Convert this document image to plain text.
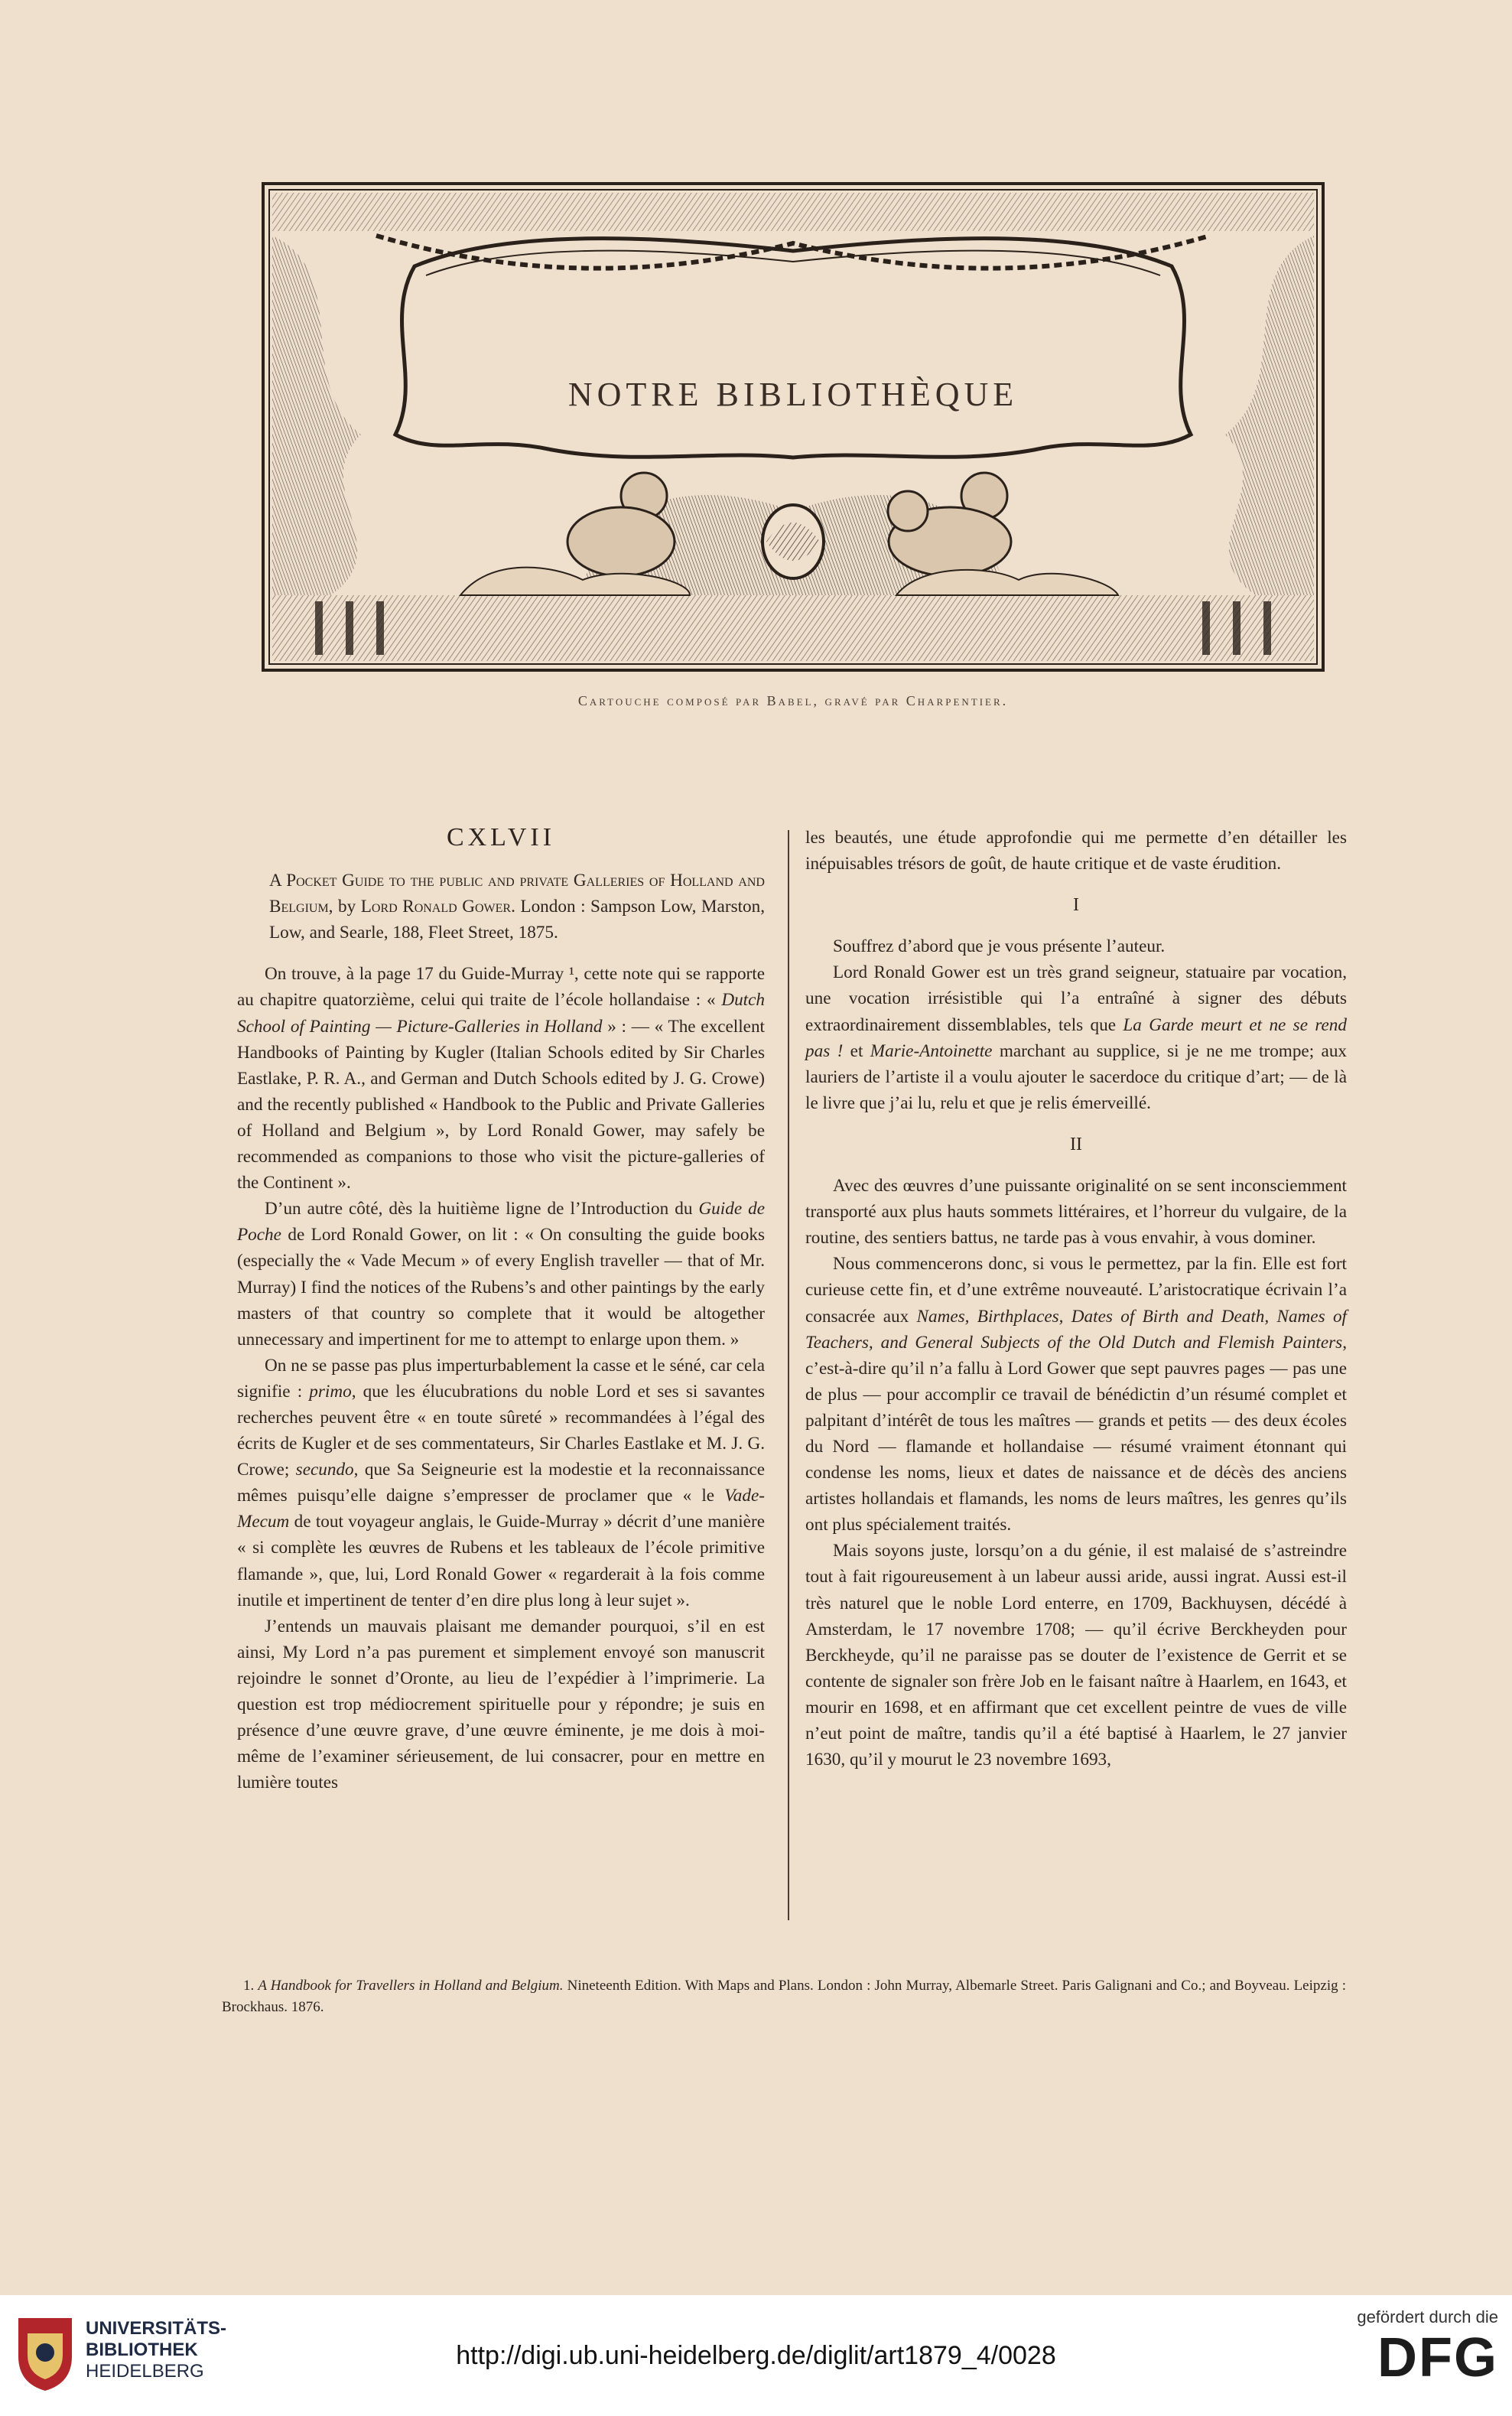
NOTRE BIBLIOTHÈQUE
Cartouche composé par Babel, gravé par Charpentier.
CXLVII

A Pocket Guide to the public and private Galleries of Holland and Belgium, by Lord Ronald Gower. London : Sampson Low, Marston, Low, and Searle, 188, Fleet Street, 1875.

On trouve, à la page 17 du Guide-Murray ¹, cette note qui se rapporte au chapitre quatorzième, celui qui traite de l’école hollandaise : « Dutch School of Painting — Picture-Galleries in Holland » : — « The excellent Handbooks of Painting by Kugler (Italian Schools edited by Sir Charles Eastlake, P. R. A., and German and Dutch Schools edited by J. G. Crowe) and the recently published « Handbook to the Public and Private Galleries of Holland and Belgium », by Lord Ronald Gower, may safely be recommended as companions to those who visit the picture-galleries of the Continent ».

D’un autre côté, dès la huitième ligne de l’Introduction du Guide de Poche de Lord Ronald Gower, on lit : « On consulting the guide books (especially the « Vade Mecum » of every English traveller — that of Mr. Murray) I find the notices of the Rubens’s and other paintings by the early masters of that country so complete that it would be altogether unnecessary and impertinent for me to attempt to enlarge upon them. »

On ne se passe pas plus imperturbablement la casse et le séné, car cela signifie : primo, que les élucubrations du noble Lord et ses si savantes recherches peuvent être « en toute sûreté » recommandées à l’égal des écrits de Kugler et de ses commentateurs, Sir Charles Eastlake et M. J. G. Crowe; secundo, que Sa Seigneurie est la modestie et la reconnaissance mêmes puisqu’elle daigne s’empresser de proclamer que « le Vade-Mecum de tout voyageur anglais, le Guide-Murray » décrit d’une manière « si complète les œuvres de Rubens et les tableaux de l’école primitive flamande », que, lui, Lord Ronald Gower « regarderait à la fois comme inutile et impertinent de tenter d’en dire plus long à leur sujet ».

J’entends un mauvais plaisant me demander pourquoi, s’il en est ainsi, My Lord n’a pas purement et simplement envoyé son manuscrit rejoindre le sonnet d’Oronte, au lieu de l’expédier à l’imprimerie. La question est trop médiocrement spirituelle pour y répondre; je suis en présence d’une œuvre grave, d’une œuvre éminente, je me dois à moi-même de l’examiner sérieusement, de lui consacrer, pour en mettre en lumière toutes

les beautés, une étude approfondie qui me permette d’en détailler les inépuisables trésors de goût, de haute critique et de vaste érudition.

I

Souffrez d’abord que je vous présente l’auteur.

Lord Ronald Gower est un très grand seigneur, statuaire par vocation, une vocation irrésistible qui l’a entraîné à signer des débuts extraordinairement dissemblables, tels que La Garde meurt et ne se rend pas ! et Marie-Antoinette marchant au supplice, si je ne me trompe; aux lauriers de l’artiste il a voulu ajouter le sacerdoce du critique d’art; — de là le livre que j’ai lu, relu et que je relis émerveillé.

II

Avec des œuvres d’une puissante originalité on se sent inconsciemment transporté aux plus hauts sommets littéraires, et l’horreur du vulgaire, de la routine, des sentiers battus, ne tarde pas à vous envahir, à vous dominer.

Nous commencerons donc, si vous le permettez, par la fin. Elle est fort curieuse cette fin, et d’une extrême nouveauté. L’aristocratique écrivain l’a consacrée aux Names, Birthplaces, Dates of Birth and Death, Names of Teachers, and General Subjects of the Old Dutch and Flemish Painters, c’est-à-dire qu’il n’a fallu à Lord Gower que sept pauvres pages — pas une de plus — pour accomplir ce travail de bénédictin d’un résumé complet et palpitant d’intérêt de tous les maîtres — grands et petits — des deux écoles du Nord — flamande et hollandaise — résumé vraiment étonnant qui condense les noms, lieux et dates de naissance et de décès des anciens artistes hollandais et flamands, les noms de leurs maîtres, les genres qu’ils ont plus spécialement traités.

Mais soyons juste, lorsqu’on a du génie, il est malaisé de s’astreindre tout à fait rigoureusement à un labeur aussi aride, aussi ingrat. Aussi est-il très naturel que le noble Lord enterre, en 1709, Backhuysen, décédé à Amsterdam, le 17 novembre 1708; — qu’il écrive Berckheyden pour Berckheyde, qu’il ne paraisse pas se douter de l’existence de Gerrit et se contente de signaler son frère Job en le faisant naître à Haarlem, en 1643, et mourir en 1698, et en affirmant que cet excellent peintre de vues de ville n’eut point de maître, tandis qu’il a été baptisé à Haarlem, le 27 janvier 1630, qu’il y mourut le 23 novembre 1693,

1. A Handbook for Travellers in Holland and Belgium. Nineteenth Edition. With Maps and Plans. London : John Murray, Albemarle Street. Paris Galignani and Co.; and Boyveau. Leipzig : Brockhaus. 1876.
UNIVERSITÄTS-
BIBLIOTHEK
HEIDELBERG
http://digi.ub.uni-heidelberg.de/diglit/art1879_4/0028
gefördert durch die
DFG
